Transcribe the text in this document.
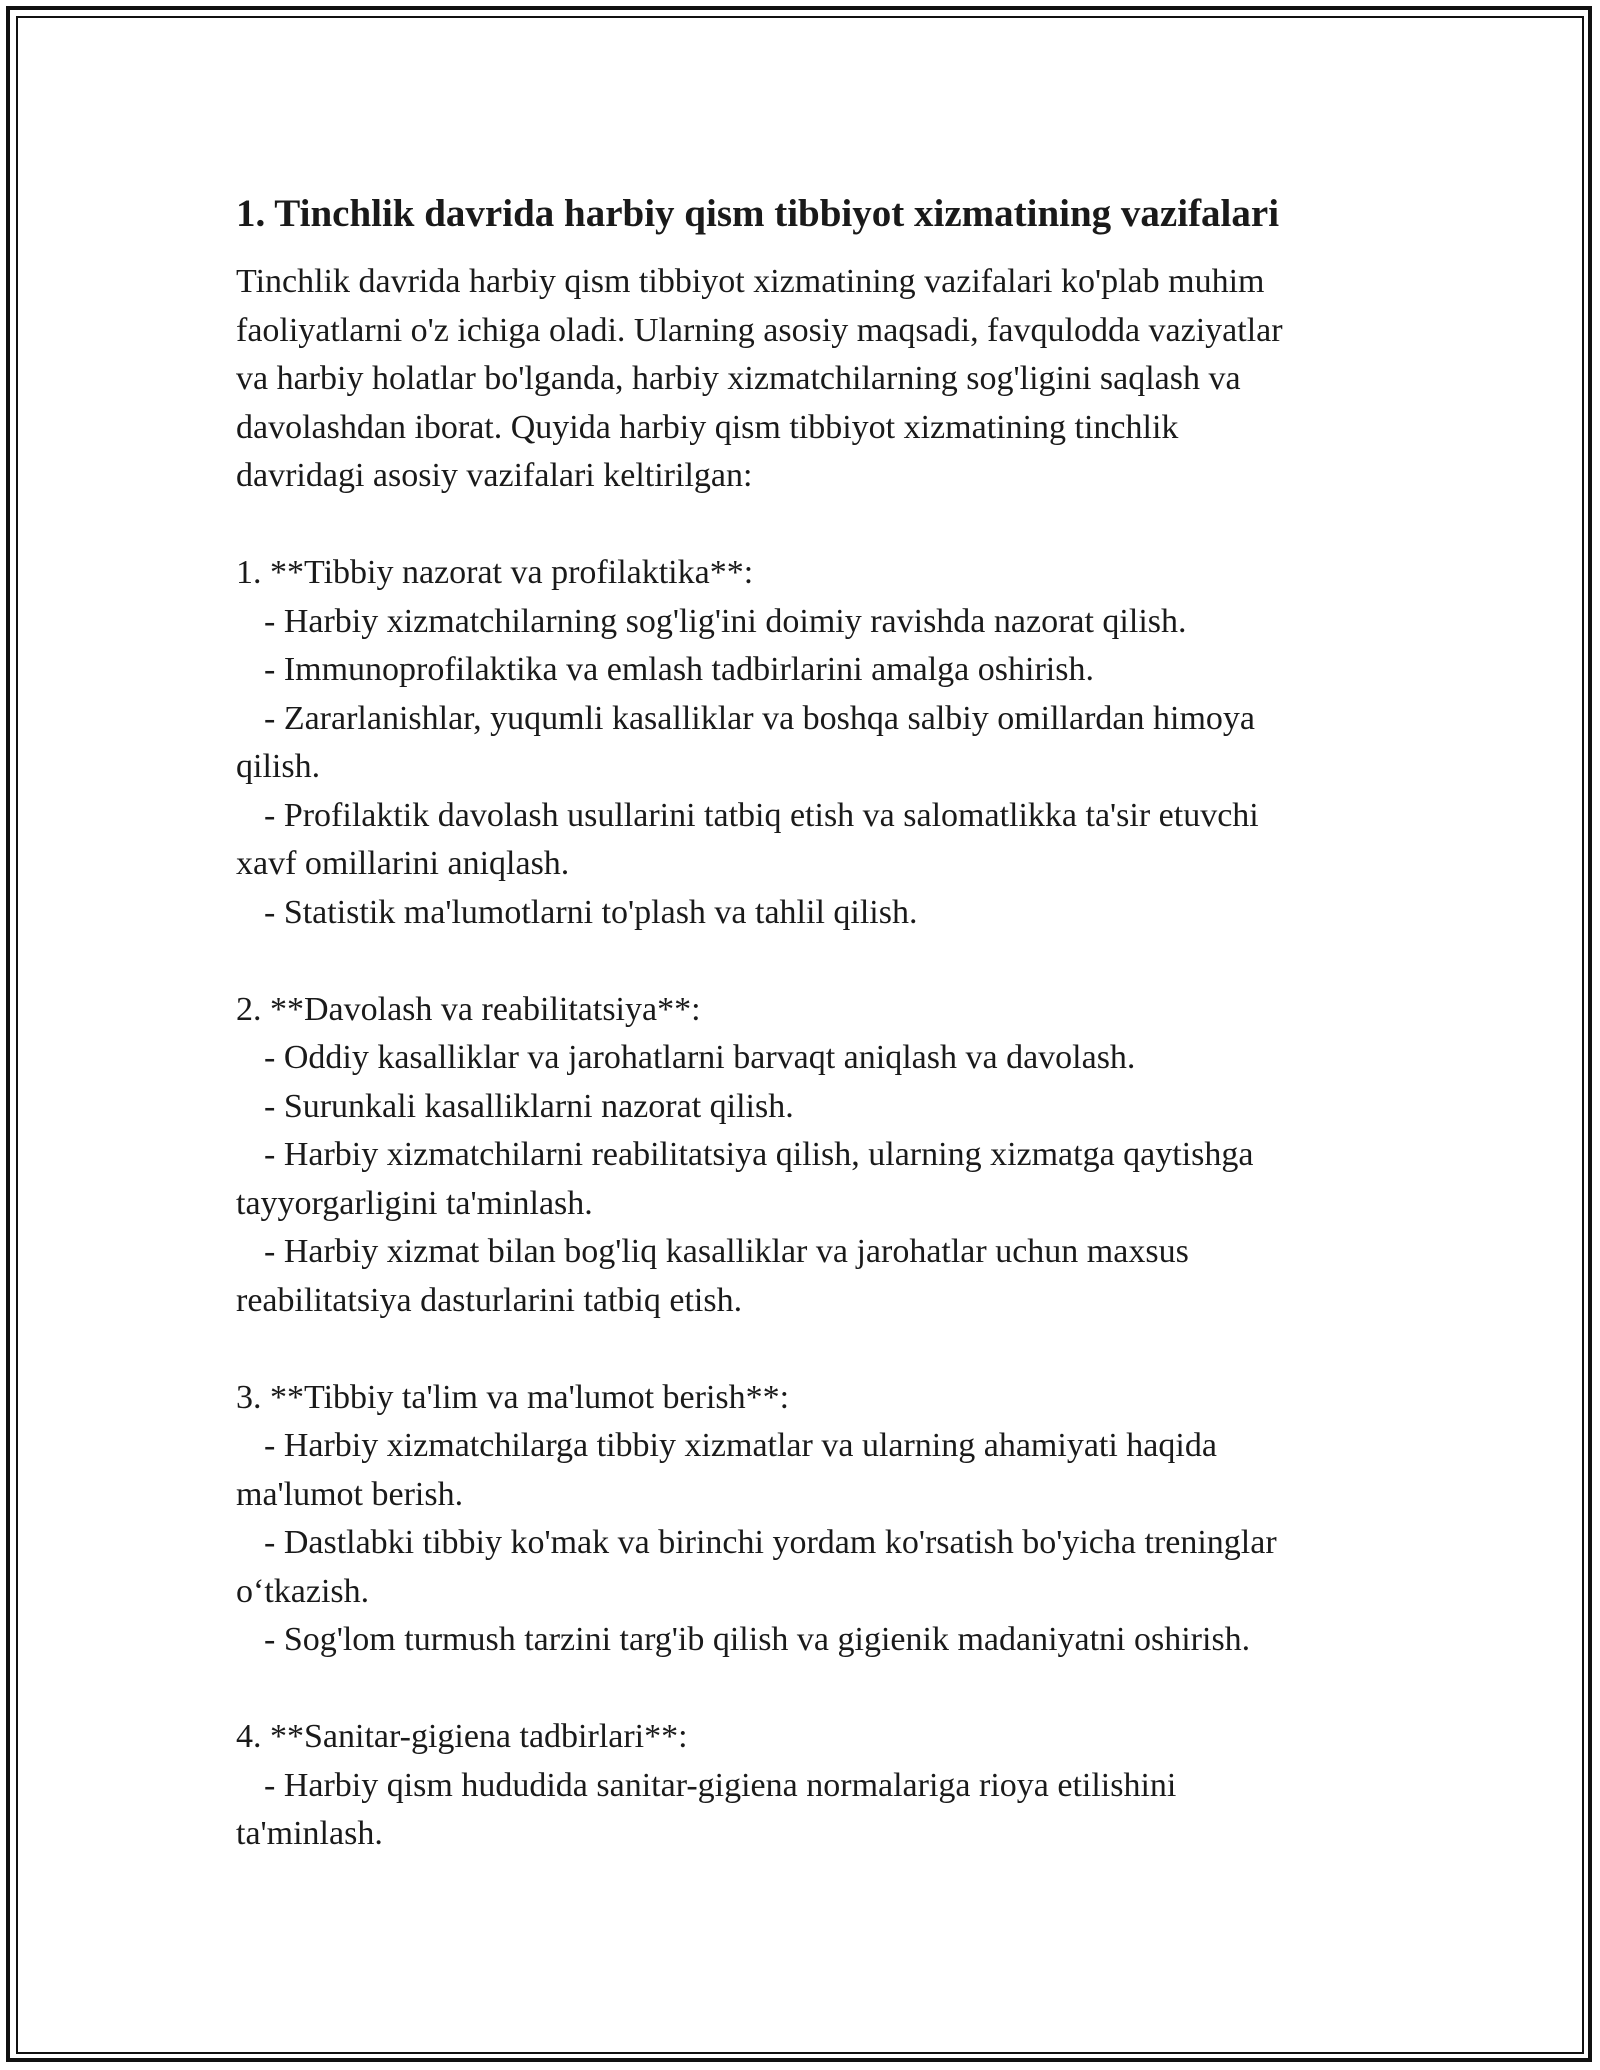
1. Tinchlik davrida harbiy qism tibbiyot xizmatining vazifalari
Tinchlik davrida harbiy qism tibbiyot xizmatining vazifalari ko'plab muhim
faoliyatlarni o'z ichiga oladi. Ularning asosiy maqsadi, favqulodda vaziyatlar
va harbiy holatlar bo'lganda, harbiy xizmatchilarning sog'ligini saqlash va
davolashdan iborat. Quyida harbiy qism tibbiyot xizmatining tinchlik
davridagi asosiy vazifalari keltirilgan:
1. **Tibbiy nazorat va profilaktika**:
- Harbiy xizmatchilarning sog'lig'ini doimiy ravishda nazorat qilish.
- Immunoprofilaktika va emlash tadbirlarini amalga oshirish.
- Zararlanishlar, yuqumli kasalliklar va boshqa salbiy omillardan himoya
qilish.
- Profilaktik davolash usullarini tatbiq etish va salomatlikka ta'sir etuvchi
xavf omillarini aniqlash.
- Statistik ma'lumotlarni to'plash va tahlil qilish.
2. **Davolash va reabilitatsiya**:
- Oddiy kasalliklar va jarohatlarni barvaqt aniqlash va davolash.
- Surunkali kasalliklarni nazorat qilish.
- Harbiy xizmatchilarni reabilitatsiya qilish, ularning xizmatga qaytishga
tayyorgarligini ta'minlash.
- Harbiy xizmat bilan bog'liq kasalliklar va jarohatlar uchun maxsus
reabilitatsiya dasturlarini tatbiq etish.
3. **Tibbiy ta'lim va ma'lumot berish**:
- Harbiy xizmatchilarga tibbiy xizmatlar va ularning ahamiyati haqida
ma'lumot berish.
- Dastlabki tibbiy ko'mak va birinchi yordam ko'rsatish bo'yicha treninglar
o‘tkazish.
- Sog'lom turmush tarzini targ'ib qilish va gigienik madaniyatni oshirish.
4. **Sanitar-gigiena tadbirlari**:
- Harbiy qism hududida sanitar-gigiena normalariga rioya etilishini
ta'minlash.
